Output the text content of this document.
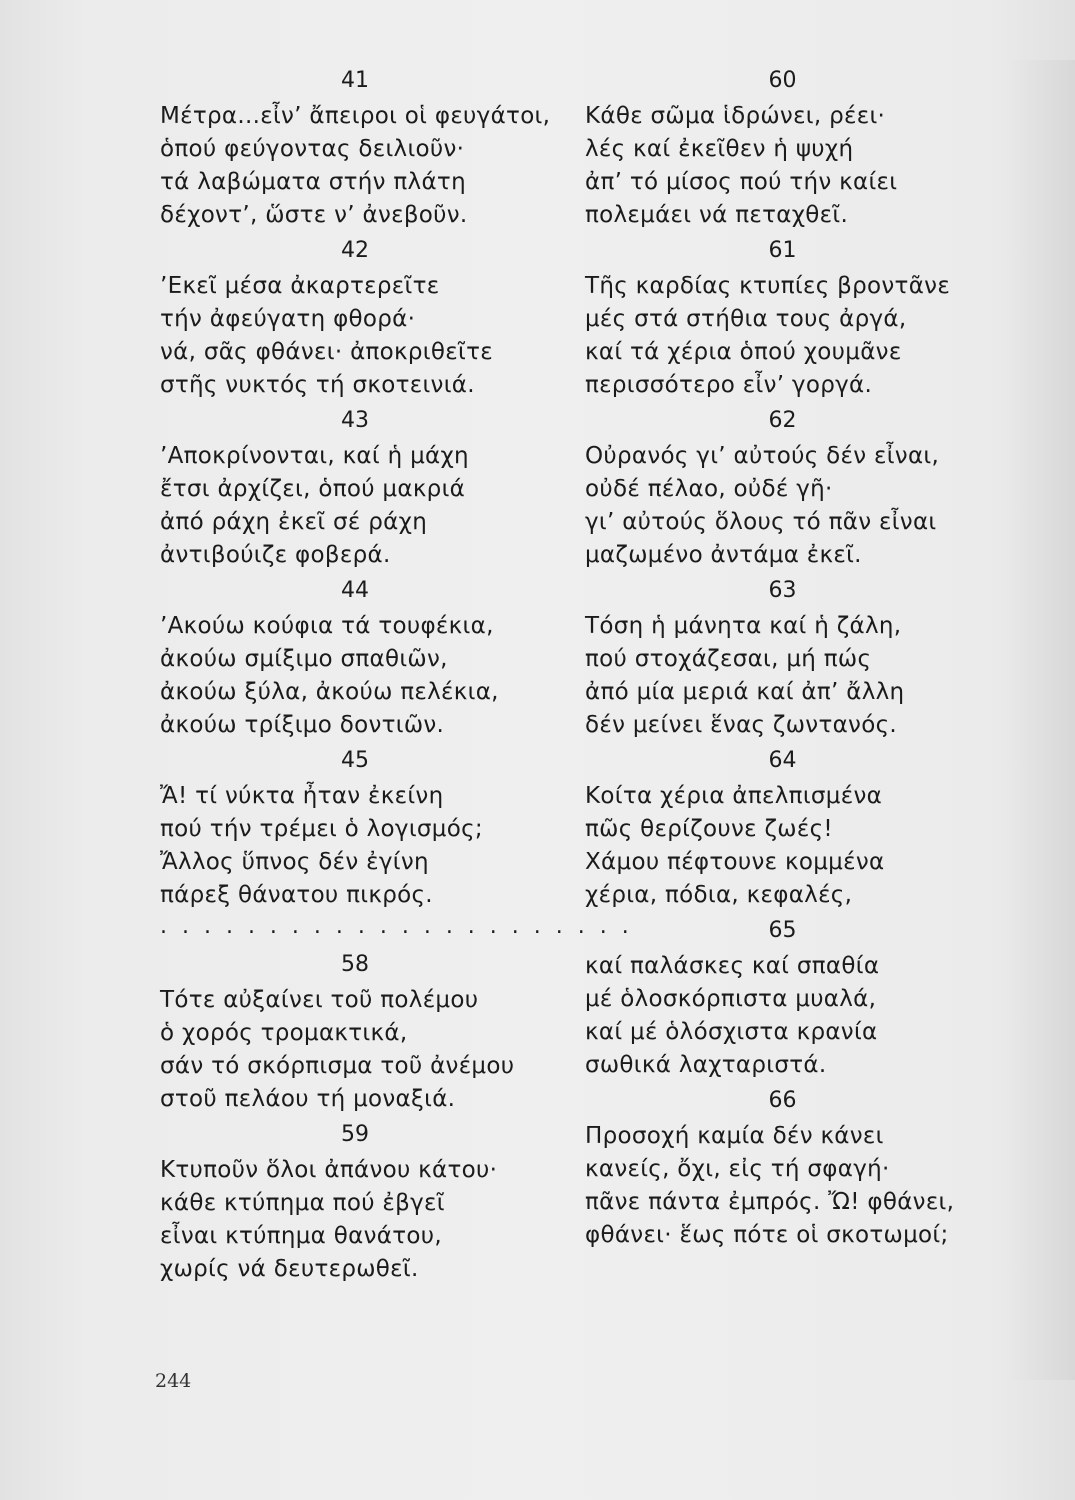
41
Μέτρα...εἶν’ ἄπειροι οἱ φευγάτοι,
ὁπού φεύγοντας δειλιοῦν·
τά λαβώματα στήν πλάτη
δέχοντ’, ὥστε ν’ ἀνεβοῦν.
42
’Εκεῖ μέσα ἀκαρτερεῖτε
τήν ἀφεύγατη φθορά·
νά, σᾶς φθάνει· ἀποκριθεῖτε
στῆς νυκτός τή σκοτεινιά.
43
’Αποκρίνονται, καί ἡ μάχη
ἔτσι ἀρχίζει, ὁπού μακριά
ἀπό ράχη ἐκεῖ σέ ράχη
ἀντιβούιζε φοβερά.
44
’Ακούω κούφια τά τουφέκια,
ἀκούω σμίξιμο σπαθιῶν,
ἀκούω ξύλα, ἀκούω πελέκια,
ἀκούω τρίξιμο δοντιῶν.
45
Ἄ! τί νύκτα ἦταν ἐκείνη
πού τήν τρέμει ὁ λογισμός;
Ἄλλος ὕπνος δέν ἐγίνη
πάρεξ θάνατου πικρός.
. . . . . . . . . . . . . . . . . . . . . .
58
Τότε αὐξαίνει τοῦ πολέμου
ὁ χορός τρομακτικά,
σάν τό σκόρπισμα τοῦ ἀνέμου
στοῦ πελάου τή μοναξιά.
59
Κτυποῦν ὅλοι ἀπάνου κάτου·
κάθε κτύπημα πού ἐβγεῖ
εἶναι κτύπημα θανάτου,
χωρίς νά δευτερωθεῖ.
60
Κάθε σῶμα ἱδρώνει, ρέει·
λές καί ἐκεῖθεν ἡ ψυχή
ἀπ’ τό μίσος πού τήν καίει
πολεμάει νά πεταχθεῖ.
61
Τῆς καρδίας κτυπίες βροντᾶνε
μές στά στήθια τους ἀργά,
καί τά χέρια ὁπού χουμᾶνε
περισσότερο εἶν’ γοργά.
62
Οὐρανός γι’ αὐτούς δέν εἶναι,
οὐδέ πέλαο, οὐδέ γῆ·
γι’ αὐτούς ὅλους τό πᾶν εἶναι
μαζωμένο ἀντάμα ἐκεῖ.
63
Τόση ἡ μάνητα καί ἡ ζάλη,
πού στοχάζεσαι, μή πώς
ἀπό μία μεριά καί ἀπ’ ἄλλη
δέν μείνει ἕνας ζωντανός.
64
Κοίτα χέρια ἀπελπισμένα
πῶς θερίζουνε ζωές!
Χάμου πέφτουνε κομμένα
χέρια, πόδια, κεφαλές,
65
καί παλάσκες καί σπαθία
μέ ὁλοσκόρπιστα μυαλά,
καί μέ ὁλόσχιστα κρανία
σωθικά λαχταριστά.
66
Προσοχή καμία δέν κάνει
κανείς, ὄχι, εἰς τή σφαγή·
πᾶνε πάντα ἐμπρός. Ὤ! φθάνει,
φθάνει· ἕως πότε οἱ σκοτωμοί;
244
